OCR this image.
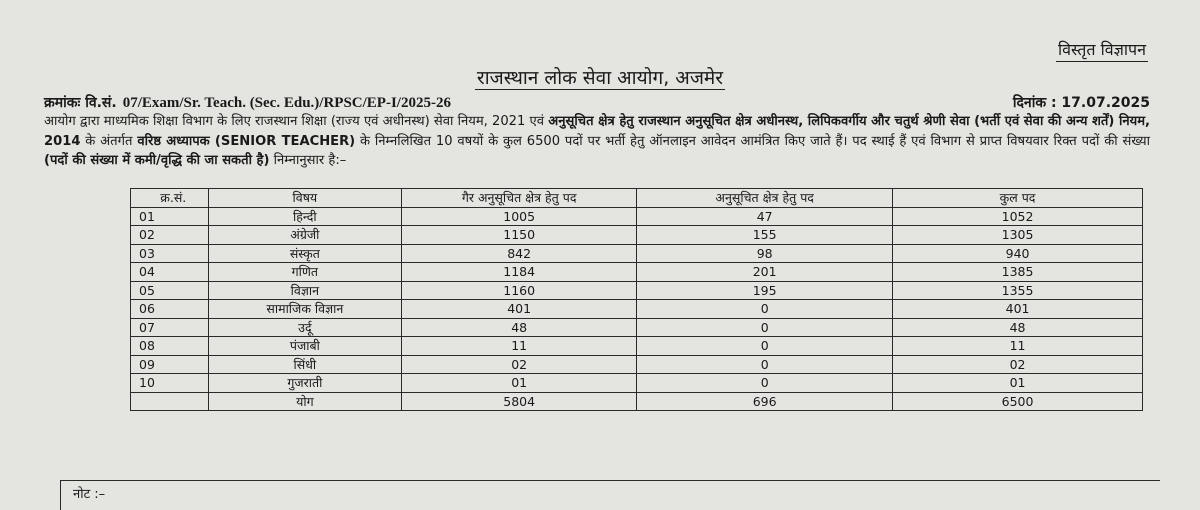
विस्तृत विज्ञापन
राजस्थान लोक सेवा आयोग, अजमेर
क्रमांकः वि.सं. 07/Exam/Sr. Teach. (Sec. Edu.)/RPSC/EP-I/2025-26	दिनांक : 17.07.2025
आयोग द्वारा माध्यमिक शिक्षा विभाग के लिए राजस्थान शिक्षा (राज्य एवं अधीनस्थ) सेवा नियम, 2021 एवं अनुसूचित क्षेत्र हेतु राजस्थान अनुसूचित क्षेत्र अधीनस्थ, लिपिकवर्गीय और चतुर्थ श्रेणी सेवा (भर्ती एवं सेवा की अन्य शर्तें) नियम, 2014 के अंतर्गत वरिष्ठ अध्यापक (SENIOR TEACHER) के निम्नलिखित 10 वषयों के कुल 6500 पदों पर भर्ती हेतु ऑनलाइन आवेदन आमंत्रित किए जाते हैं। पद स्थाई हैं एवं विभाग से प्राप्त विषयवार रिक्त पदों की संख्या (पदों की संख्या में कमी/वृद्धि की जा सकती है) निम्नानुसार है:–
क्र.सं.	विषय	गैर अनुसूचित क्षेत्र हेतु पद	अनुसूचित क्षेत्र हेतु पद	कुल पद
01	हिन्दी	1005	47	1052
02	अंग्रेजी	1150	155	1305
03	संस्कृत	842	98	940
04	गणित	1184	201	1385
05	विज्ञान	1160	195	1355
06	सामाजिक विज्ञान	401	0	401
07	उर्दू	48	0	48
08	पंजाबी	11	0	11
09	सिंधी	02	0	02
10	गुजराती	01	0	01
	योग	5804	696	6500
नोट :–
